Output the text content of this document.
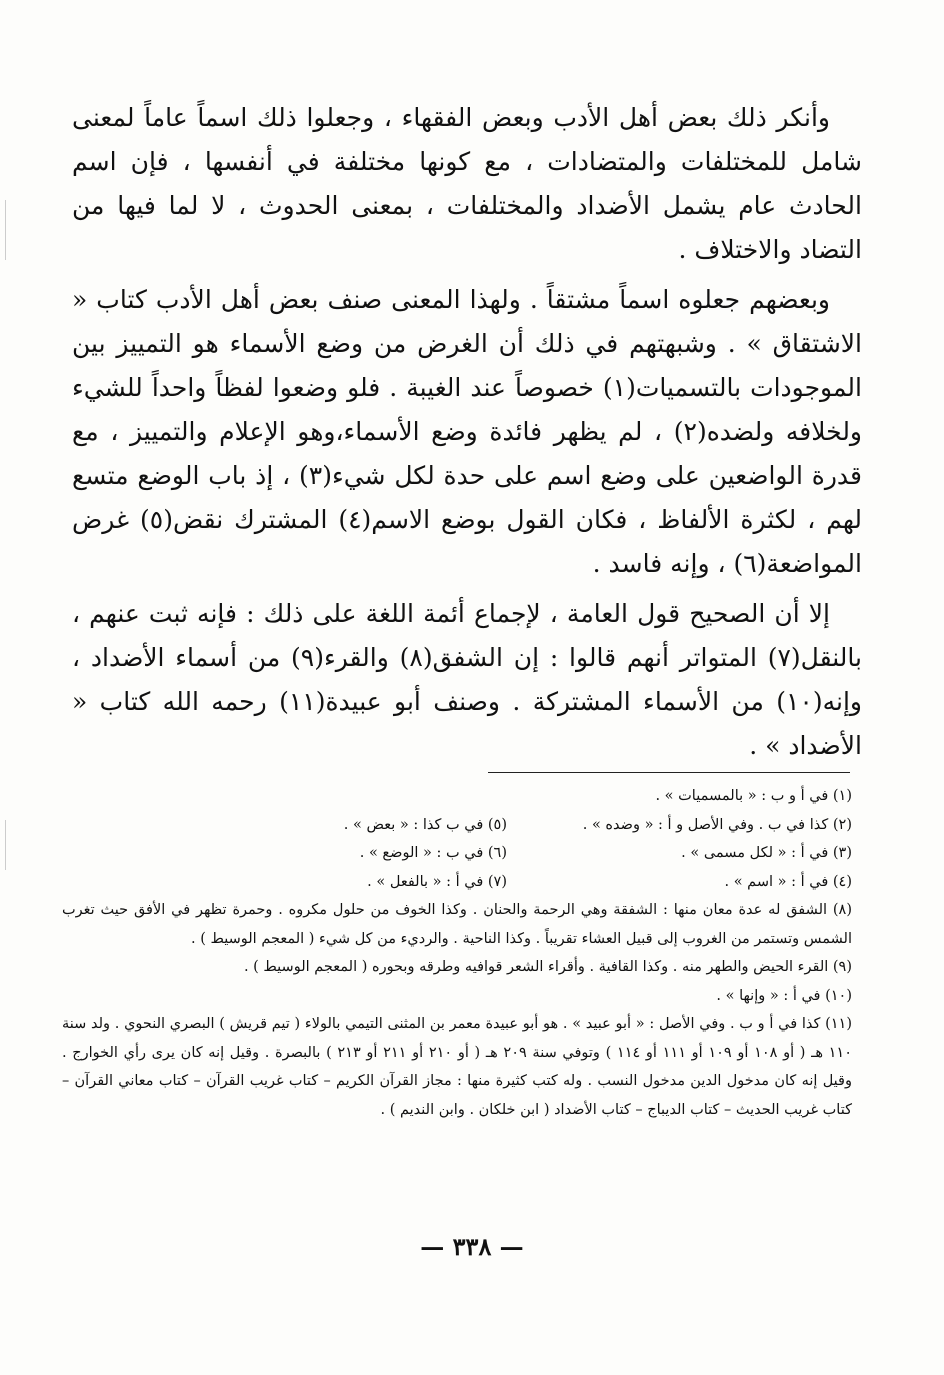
وأنكر ذلك بعض أهل الأدب وبعض الفقهاء ، وجعلوا ذلك اسماً عاماً لمعنى شامل للمختلفات والمتضادات ، مع كونها مختلفة في أنفسها ، فإن اسم الحادث عام يشمل الأضداد والمختلفات ، بمعنى الحدوث ، لا لما فيها من التضاد والاختلاف .

وبعضهم جعلوه اسماً مشتقاً . ولهذا المعنى صنف بعض أهل الأدب كتاب « الاشتقاق » . وشبهتهم في ذلك أن الغرض من وضع الأسماء هو التمييز بين الموجودات بالتسميات(١) خصوصاً عند الغيبة . فلو وضعوا لفظاً واحداً للشيء ولخلافه ولضده(٢) ، لم يظهر فائدة وضع الأسماء،وهو الإعلام والتمييز ، مع قدرة الواضعين على وضع اسم على حدة لكل شيء(٣) ، إذ باب الوضع متسع لهم ، لكثرة الألفاظ ، فكان القول بوضع الاسم(٤) المشترك نقض(٥) غرض المواضعة(٦) ، وإنه فاسد .

إلا أن الصحيح قول العامة ، لإجماع أئمة اللغة على ذلك : فإنه ثبت عنهم ، بالنقل(٧) المتواتر أنهم قالوا : إن الشفق(٨) والقرء(٩) من أسماء الأضداد ، وإنه(١٠) من الأسماء المشتركة . وصنف أبو عبيدة(١١) رحمه الله كتاب « الأضداد » .

(١) في أ و ب : « بالمسميات » .
(٢) كذا في ب . وفي الأصل و أ : « وضده » .
(٥) في ب كذا : « بعض » .
(٣) في أ : « لكل مسمى » .
(٦) في ب : « الوضع » .
(٤) في أ : « اسم » .
(٧) في أ : « بالفعل » .
(٨) الشفق له عدة معان منها : الشفقة وهي الرحمة والحنان . وكذا الخوف من حلول مكروه . وحمرة تظهر في الأفق حيث تغرب الشمس وتستمر من الغروب إلى قبيل العشاء تقريباً . وكذا الناحية . والرديء من كل شيء ( المعجم الوسيط ) .
(٩) القرء الحيض والطهر منه . وكذا القافية . وأقراء الشعر قوافيه وطرقه وبحوره ( المعجم الوسيط ) .
(١٠) في أ : « وإنها » .
(١١) كذا في أ و ب . وفي الأصل : « أبو عبيد » . هو أبو عبيدة معمر بن المثنى التيمي بالولاء ( تيم قريش ) البصري النحوي . ولد سنة ١١٠ هـ ( أو ١٠٨ أو ١٠٩ أو ١١١ أو ١١٤ ) وتوفي سنة ٢٠٩ هـ ( أو ٢١٠ أو ٢١١ أو ٢١٣ ) بالبصرة . وقيل إنه كان يرى رأي الخوارج . وقيل إنه كان مدخول الدين مدخول النسب . وله كتب كثيرة منها : مجاز القرآن الكريم – كتاب غريب القرآن – كتاب معاني القرآن – كتاب غريب الحديث – كتاب الديباج – كتاب الأضداد ( ابن خلكان . وابن النديم ) .
— ٣٣٨ —
